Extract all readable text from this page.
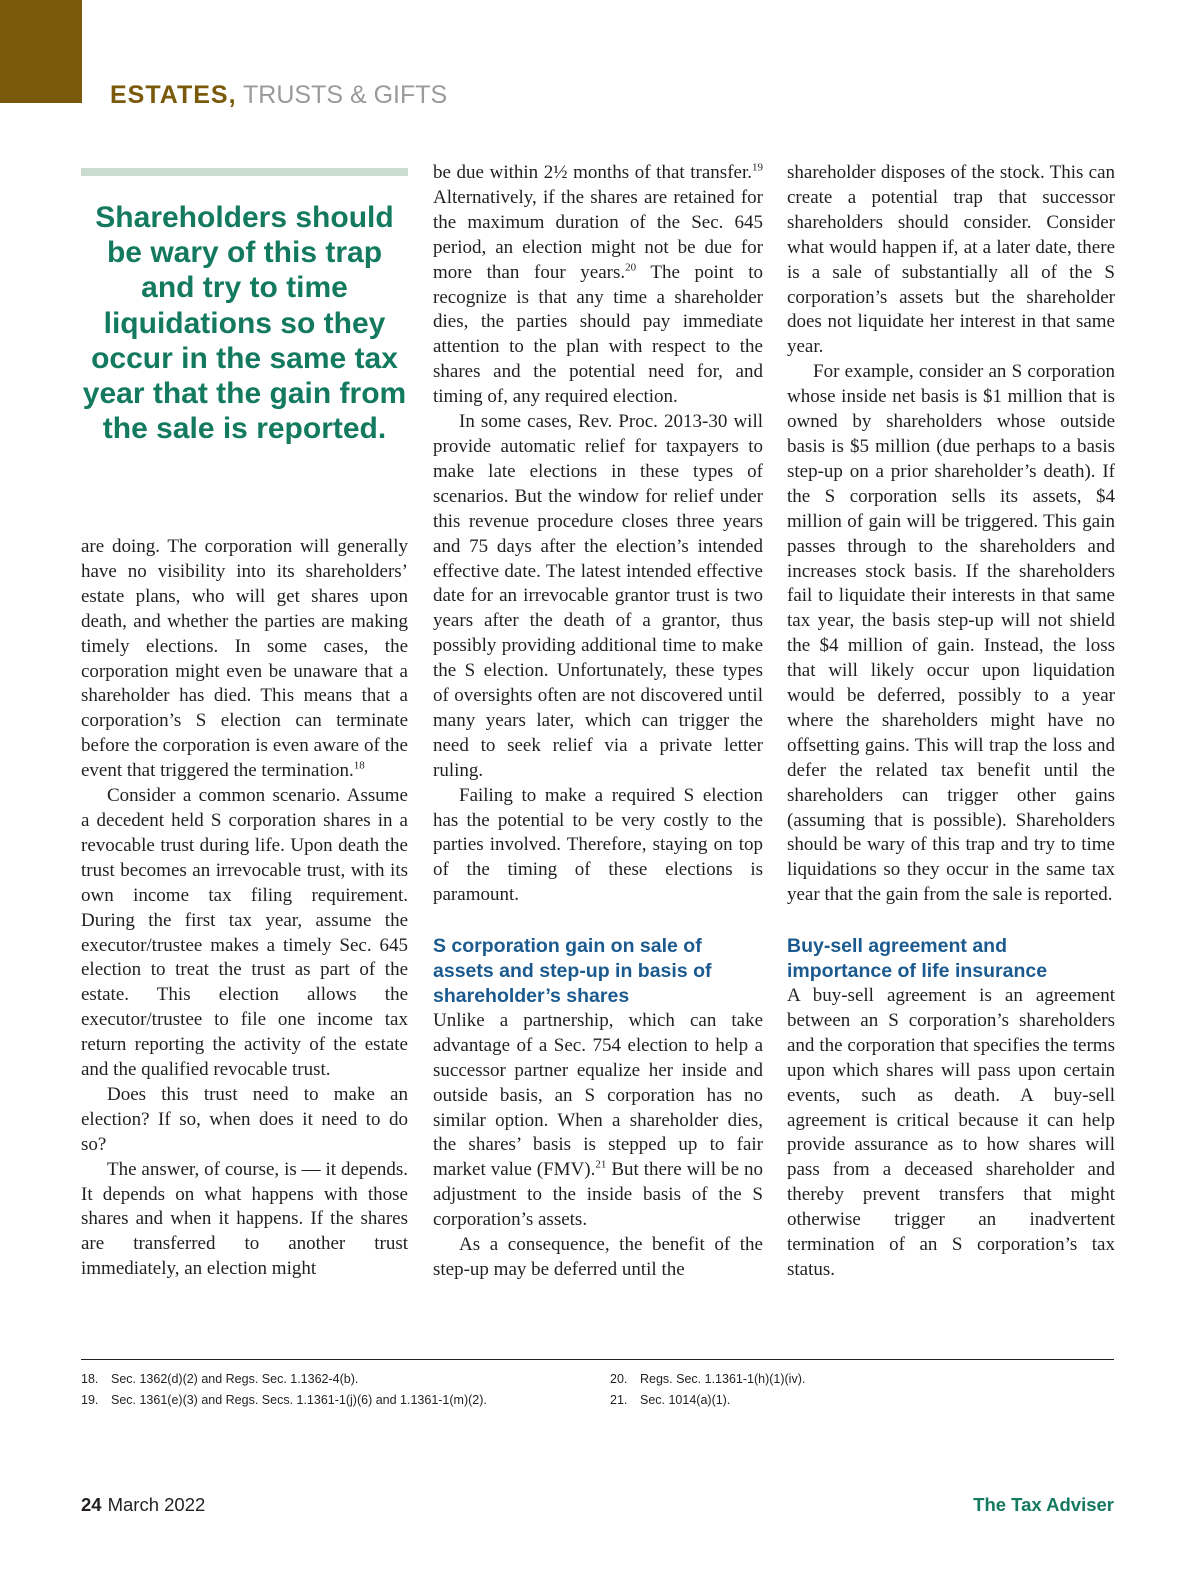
ESTATES, TRUSTS & GIFTS

Shareholders should be wary of this trap and try to time liquidations so they occur in the same tax year that the gain from the sale is reported.

are doing. The corporation will generally have no visibility into its shareholders’ estate plans, who will get shares upon death, and whether the parties are making timely elections. In some cases, the corporation might even be unaware that a shareholder has died. This means that a corporation’s S election can terminate before the corporation is even aware of the event that triggered the termination.$^{18}$

Consider a common scenario. Assume a decedent held S corporation shares in a revocable trust during life. Upon death the trust becomes an irrevocable trust, with its own income tax filing requirement. During the first tax year, assume the executor/trustee makes a timely Sec. 645 election to treat the trust as part of the estate. This election allows the executor/trustee to file one income tax return reporting the activity of the estate and the qualified revocable trust.

Does this trust need to make an election? If so, when does it need to do so?

The answer, of course, is — it depends. It depends on what happens with those shares and when it happens. If the shares are transferred to another trust immediately, an election might

be due within 2½ months of that transfer.$^{19}$ Alternatively, if the shares are retained for the maximum duration of the Sec. 645 period, an election might not be due for more than four years.$^{20}$ The point to recognize is that any time a shareholder dies, the parties should pay immediate attention to the plan with respect to the shares and the potential need for, and timing of, any required election.

In some cases, Rev. Proc. 2013-30 will provide automatic relief for taxpayers to make late elections in these types of scenarios. But the window for relief under this revenue procedure closes three years and 75 days after the election’s intended effective date. The latest intended effective date for an irrevocable grantor trust is two years after the death of a grantor, thus possibly providing additional time to make the S election. Unfortunately, these types of oversights often are not discovered until many years later, which can trigger the need to seek relief via a private letter ruling.

Failing to make a required S election has the potential to be very costly to the parties involved. Therefore, staying on top of the timing of these elections is paramount.

S corporation gain on sale of assets and step-up in basis of shareholder’s shares

Unlike a partnership, which can take advantage of a Sec. 754 election to help a successor partner equalize her inside and outside basis, an S corporation has no similar option. When a shareholder dies, the shares’ basis is stepped up to fair market value (FMV).$^{21}$ But there will be no adjustment to the inside basis of the S corporation’s assets.

As a consequence, the benefit of the step-up may be deferred until the

shareholder disposes of the stock. This can create a potential trap that successor shareholders should consider. Consider what would happen if, at a later date, there is a sale of substantially all of the S corporation’s assets but the shareholder does not liquidate her interest in that same year.

For example, consider an S corporation whose inside net basis is $1 million that is owned by shareholders whose outside basis is $5 million (due perhaps to a basis step-up on a prior shareholder’s death). If the S corporation sells its assets, $4 million of gain will be triggered. This gain passes through to the shareholders and increases stock basis. If the shareholders fail to liquidate their interests in that same tax year, the basis step-up will not shield the $4 million of gain. Instead, the loss that will likely occur upon liquidation would be deferred, possibly to a year where the shareholders might have no offsetting gains. This will trap the loss and defer the related tax benefit until the shareholders can trigger other gains (assuming that is possible). Shareholders should be wary of this trap and try to time liquidations so they occur in the same tax year that the gain from the sale is reported.

Buy-sell agreement and importance of life insurance

A buy-sell agreement is an agreement between an S corporation’s shareholders and the corporation that specifies the terms upon which shares will pass upon certain events, such as death. A buy-sell agreement is critical because it can help provide assurance as to how shares will pass from a deceased shareholder and thereby prevent transfers that might otherwise trigger an inadvertent termination of an S corporation’s tax status.

18. Sec. 1362(d)(2) and Regs. Sec. 1.1362-4(b).
19. Sec. 1361(e)(3) and Regs. Secs. 1.1361-1(j)(6) and 1.1361-1(m)(2).
20. Regs. Sec. 1.1361-1(h)(1)(iv).
21. Sec. 1014(a)(1).
24 March 2022	The Tax Adviser
